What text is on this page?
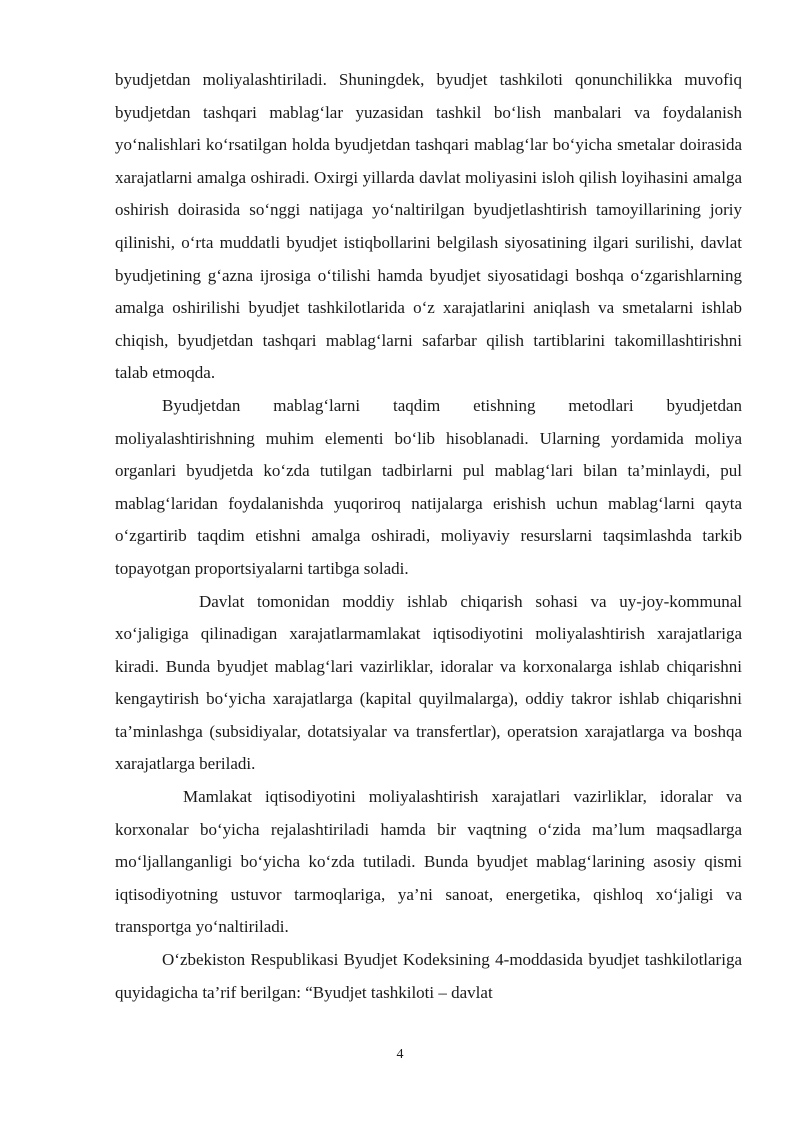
byudjetdan moliyalashtiriladi. Shuningdek, byudjet tashkiloti qonunchilikka muvofiq byudjetdan tashqari mablag‘lar yuzasidan tashkil bo‘lish manbalari va foydalanish yo‘nalishlari ko‘rsatilgan holda byudjetdan tashqari mablag‘lar bo‘yicha smetalar doirasida xarajatlarni amalga oshiradi. Oxirgi yillarda davlat moliyasini isloh qilish loyihasini amalga oshirish doirasida so‘nggi natijaga yo‘naltirilgan byudjetlashtirish tamoyillarining joriy qilinishi, o‘rta muddatli byudjet istiqbollarini belgilash siyosatining ilgari surilishi, davlat byudjetining g‘azna ijrosiga o‘tilishi hamda byudjet siyosatidagi boshqa o‘zgarishlarning amalga oshirilishi byudjet tashkilotlarida o‘z xarajatlarini aniqlash va smetalarni ishlab chiqish, byudjetdan tashqari mablag‘larni safarbar qilish tartiblarini takomillashtirishni talab etmoqda.

Byudjetdan mablag‘larni taqdim etishning metodlari byudjetdan moliyalashtirishning muhim elementi bo‘lib hisoblanadi. Ularning yordamida moliya organlari byudjetda ko‘zda tutilgan tadbirlarni pul mablag‘lari bilan ta’minlaydi, pul mablag‘laridan foydalanishda yuqoriroq natijalarga erishish uchun mablag‘larni qayta o‘zgartirib taqdim etishni amalga oshiradi, moliyaviy resurslarni taqsimlashda tarkib topayotgan proportsiyalarni tartibga soladi.

Davlat tomonidan moddiy ishlab chiqarish sohasi va uy-joy-kommunal xo‘jaligiga qilinadigan xarajatlarmamlakat iqtisodiyotini moliyalashtirish xarajatlariga kiradi. Bunda byudjet mablag‘lari vazirliklar, idoralar va korxonalarga ishlab chiqarishni kengaytirish bo‘yicha xarajatlarga (kapital quyilmalarga), oddiy takror ishlab chiqarishni ta’minlashga (subsidiyalar, dotatsiyalar va transfertlar), operatsion xarajatlarga va boshqa xarajatlarga beriladi.

Mamlakat iqtisodiyotini moliyalashtirish xarajatlari vazirliklar, idoralar va korxonalar bo‘yicha rejalashtiriladi hamda bir vaqtning o‘zida ma’lum maqsadlarga mo‘ljallanganligi bo‘yicha ko‘zda tutiladi. Bunda byudjet mablag‘larining asosiy qismi iqtisodiyotning ustuvor tarmoqlariga, ya’ni sanoat, energetika, qishloq xo‘jaligi va transportga yo‘naltiriladi.

O‘zbekiston Respublikasi Byudjet Kodeksining 4-moddasida byudjet tashkilotlariga quyidagicha ta’rif berilgan: “Byudjet tashkiloti – davlat

4
